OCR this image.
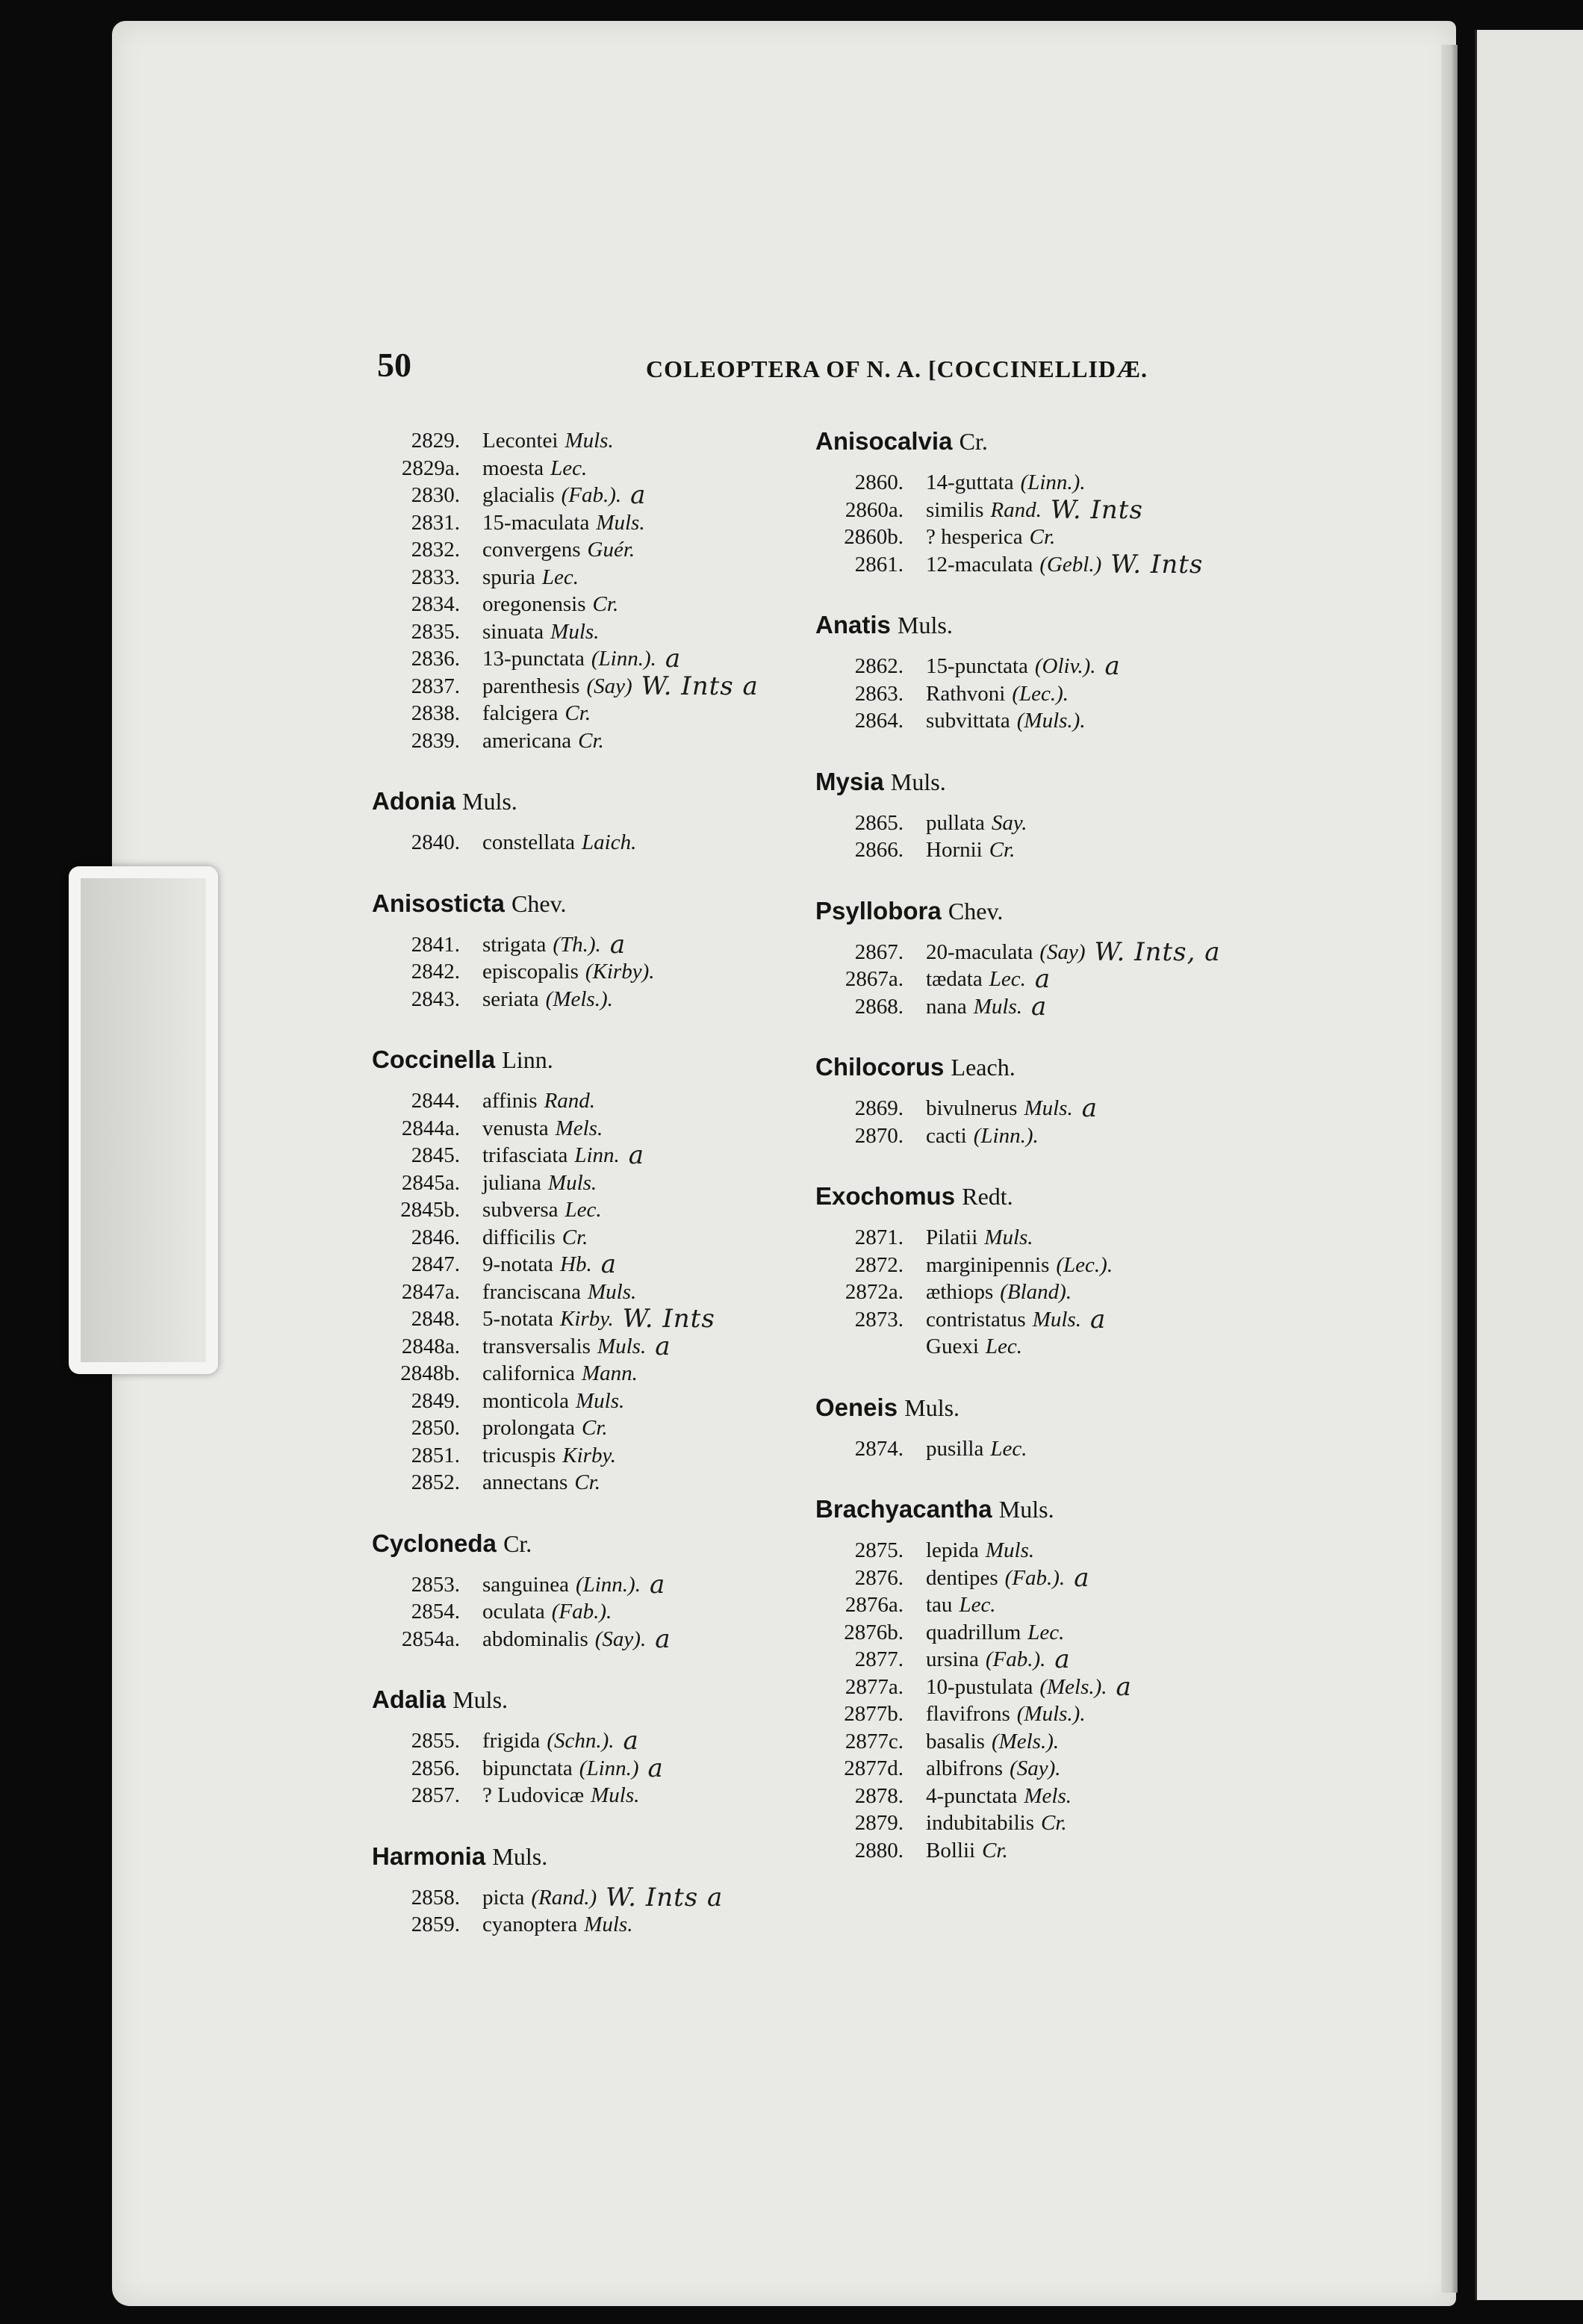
50	COLEOPTERA OF N. A. [COCCINELLIDÆ.
2829.	Lecontei Muls.
2829a.	moesta Lec.
2830.	glacialis (Fab.). a
2831.	15-maculata Muls.
2832.	convergens Guér.
2833.	spuria Lec.
2834.	oregonensis Cr.
2835.	sinuata Muls.
2836.	13-punctata (Linn.). a
2837.	parenthesis (Say) W. Ints a
2838.	falcigera Cr.
2839.	americana Cr.
Adonia Muls.
2840.	constellata Laich.
Anisosticta Chev.
2841.	strigata (Th.). a
2842.	episcopalis (Kirby).
2843.	seriata (Mels.).
Coccinella Linn.
2844.	affinis Rand.
2844a.	venusta Mels.
2845.	trifasciata Linn. a
2845a.	juliana Muls.
2845b.	subversa Lec.
2846.	difficilis Cr.
2847.	9-notata Hb. a
2847a.	franciscana Muls.
2848.	5-notata Kirby. W. Ints
2848a.	transversalis Muls. a
2848b.	californica Mann.
2849.	monticola Muls.
2850.	prolongata Cr.
2851.	tricuspis Kirby.
2852.	annectans Cr.
Cycloneda Cr.
2853.	sanguinea (Linn.). a
2854.	oculata (Fab.).
2854a.	abdominalis (Say). a
Adalia Muls.
2855.	frigida (Schn.). a
2856.	bipunctata (Linn.) a
2857.	? Ludovicæ Muls.
Harmonia Muls.
2858.	picta (Rand.) W. Ints a
2859.	cyanoptera Muls.
Anisocalvia Cr.
2860.	14-guttata (Linn.).
2860a.	similis Rand. W. Ints
2860b.	? hesperica Cr.
2861.	12-maculata (Gebl.) W. Ints
Anatis Muls.
2862.	15-punctata (Oliv.). a
2863.	Rathvoni (Lec.).
2864.	subvittata (Muls.).
Mysia Muls.
2865.	pullata Say.
2866.	Hornii Cr.
Psyllobora Chev.
2867.	20-maculata (Say) W. Ints, a
2867a.	tædata Lec. a
2868.	nana Muls. a
Chilocorus Leach.
2869.	bivulnerus Muls. a
2870.	cacti (Linn.).
Exochomus Redt.
2871.	Pilatii Muls.
2872.	marginipennis (Lec.).
2872a.	æthiops (Bland).
2873.	contristatus Muls. a
Guexi Lec.
Oeneis Muls.
2874.	pusilla Lec.
Brachyacantha Muls.
2875.	lepida Muls.
2876.	dentipes (Fab.). a
2876a.	tau Lec.
2876b.	quadrillum Lec.
2877.	ursina (Fab.). a
2877a.	10-pustulata (Mels.). a
2877b.	flavifrons (Muls.).
2877c.	basalis (Mels.).
2877d.	albifrons (Say).
2878.	4-punctata Mels.
2879.	indubitabilis Cr.
2880.	Bollii Cr.
